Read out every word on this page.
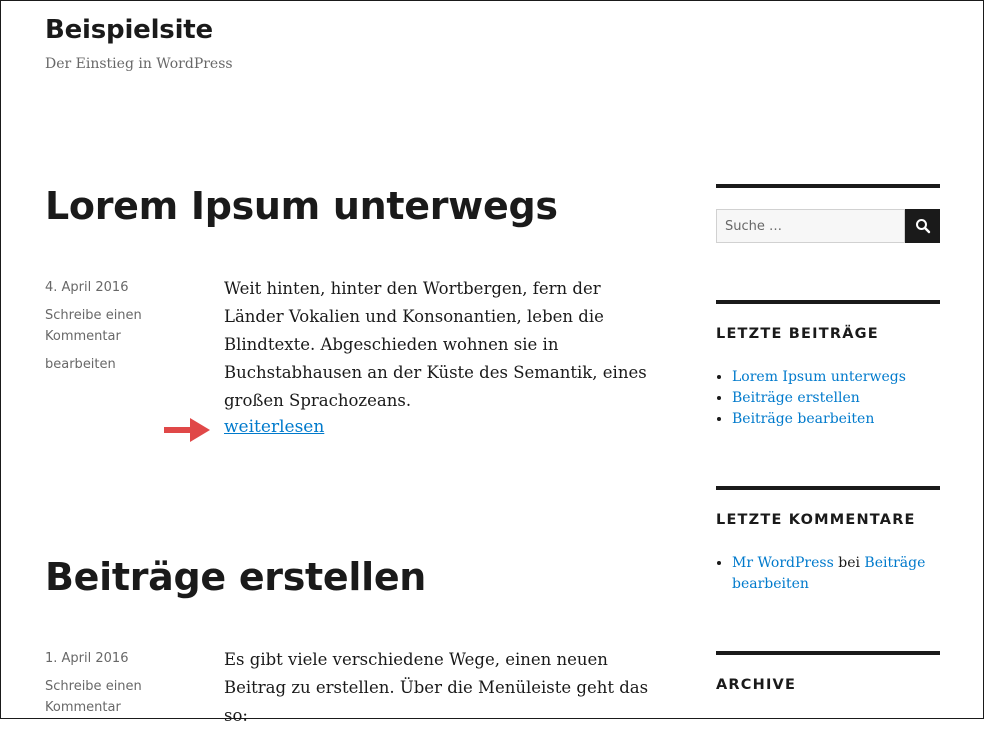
Beispielsite
Der Einstieg in WordPress
Lorem Ipsum unterwegs
4. April 2016
Schreibe einen Kommentar
bearbeiten

Weit hinten, hinter den Wortbergen, fern der Länder Vokalien und Konsonantien, leben die Blindtexte. Abgeschieden wohnen sie in Buchstabhausen an der Küste des Semantik, eines großen Sprachozeans.

weiterlesen
Beiträge erstellen
1. April 2016
Schreibe einen Kommentar

Es gibt viele verschiedene Wege, einen neuen Beitrag zu erstellen. Über die Menüleiste geht das so:

Suche …
LETZTE BEITRÄGE
• Lorem Ipsum unterwegs
• Beiträge erstellen
• Beiträge bearbeiten
LETZTE KOMMENTARE
• Mr WordPress bei Beiträge bearbeiten
ARCHIVE
